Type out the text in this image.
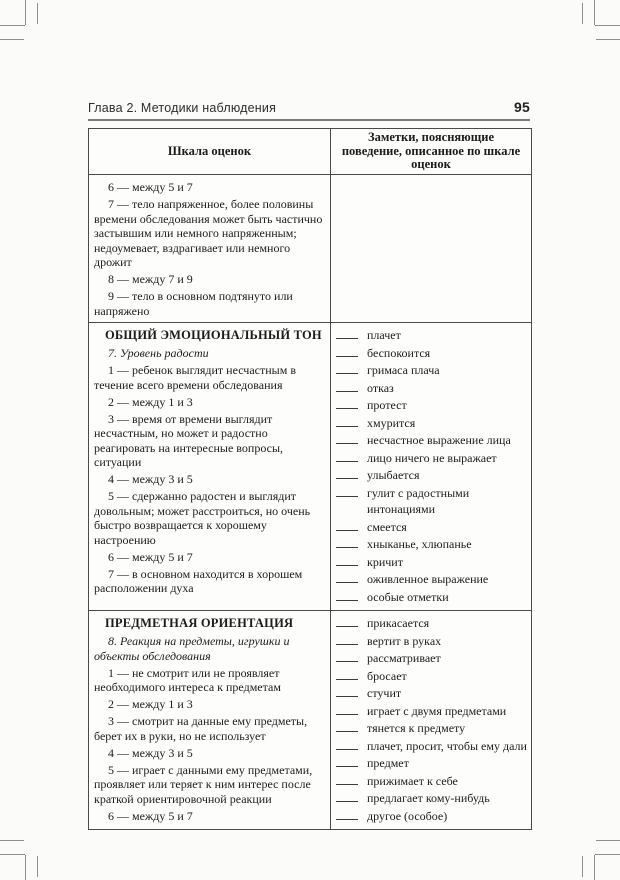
Глава 2. Методики наблюдения	95
Шкала оценок
Заметки, поясняющие поведение, описанное по шкале оценок
6 — между 5 и 7
7 — тело напряженное, более половины времени обследования может быть частично застывшим или немного напряженным; недоумевает, вздрагивает или немного дрожит
8 — между 7 и 9
9 — тело в основном подтянуто или напряжено
ОБЩИЙ ЭМОЦИОНАЛЬНЫЙ ТОН
7. Уровень радости
1 — ребенок выглядит несчастным в течение всего времени обследования
2 — между 1 и 3
3 — время от времени выглядит несчастным, но может и радостно реагировать на интересные вопросы, ситуации
4 — между 3 и 5
5 — сдержанно радостен и выглядит довольным; может расстроиться, но очень быстро возвращается к хорошему настроению
6 — между 5 и 7
7 — в основном находится в хорошем расположении духа
плачет
беспокоится
гримаса плача
отказ
протест
хмурится
несчастное выражение лица
лицо ничего не выражает
улыбается
гулит с радостными
интонациями
смеется
хныканье, хлюпанье
кричит
оживленное выражение
особые отметки
ПРЕДМЕТНАЯ ОРИЕНТАЦИЯ
8. Реакция на предметы, игрушки и объекты обследования
1 — не смотрит или не проявляет необходимого интереса к предметам
2 — между 1 и 3
3 — смотрит на данные ему предметы, берет их в руки, но не использует
4 — между 3 и 5
5 — играет с данными ему предметами, проявляет или теряет к ним интерес после краткой ориентировочной реакции
6 — между 5 и 7
прикасается
вертит в руках
рассматривает
бросает
стучит
играет с двумя предметами
тянется к предмету
плачет, просит, чтобы ему дали
предмет
прижимает к себе
предлагает кому-нибудь
другое (особое)
